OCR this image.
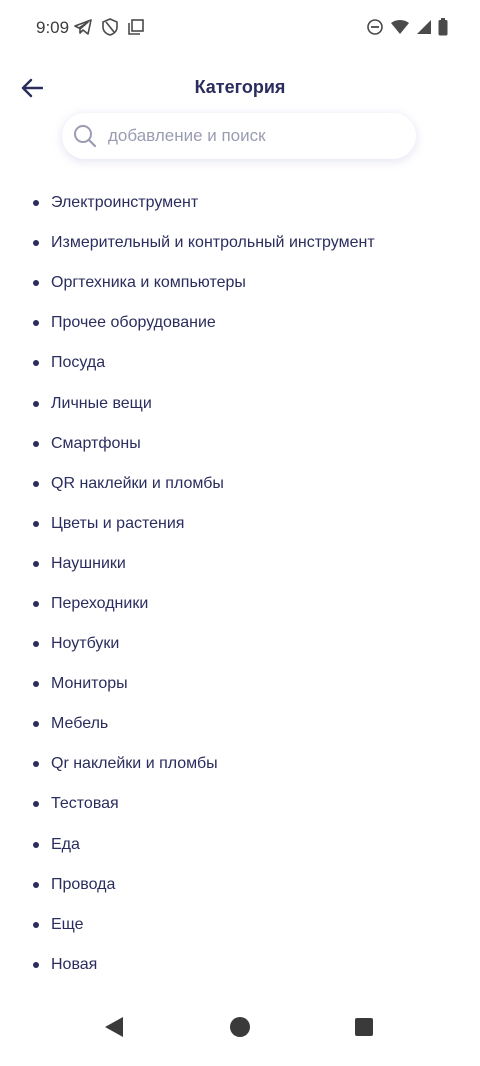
9:09
Категория
добавление и поиск
Электроинструмент
Измерительный и контрольный инструмент
Оргтехника и компьютеры
Прочее оборудование
Посуда
Личные вещи
Смартфоны
QR наклейки и пломбы
Цветы и растения
Наушники
Переходники
Ноутбуки
Мониторы
Мебель
Qr наклейки и пломбы
Тестовая
Еда
Провода
Еще
Новая
